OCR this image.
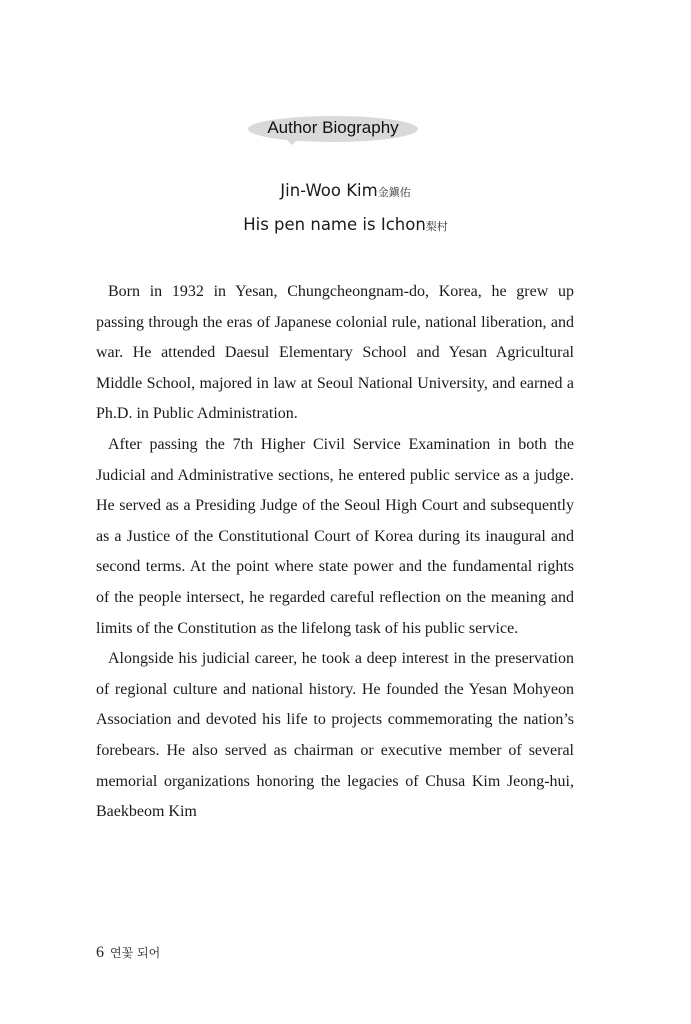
Author Biography
Jin-Woo Kim金鎭佑
His pen name is Ichon梨村

Born in 1932 in Yesan, Chungcheongnam-do, Korea, he grew up passing through the eras of Japanese colonial rule, national liberation, and war. He attended Daesul Elementary School and Yesan Agricultural Middle School, majored in law at Seoul National University, and earned a Ph.D. in Public Administration.

After passing the 7th Higher Civil Service Examination in both the Judicial and Administrative sections, he entered public service as a judge. He served as a Presiding Judge of the Seoul High Court and subsequently as a Justice of the Constitutional Court of Korea during its inaugural and second terms. At the point where state power and the fundamental rights of the people intersect, he regarded careful reflection on the meaning and limits of the Constitution as the lifelong task of his public service.

Alongside his judicial career, he took a deep interest in the preservation of regional culture and national history. He founded the Yesan Mohyeon Association and devoted his life to projects commemorating the nation’s forebears. He also served as chairman or executive member of several memorial organizations honoring the legacies of Chusa Kim Jeong-hui, Baekbeom Kim

6 연꽃 되어
